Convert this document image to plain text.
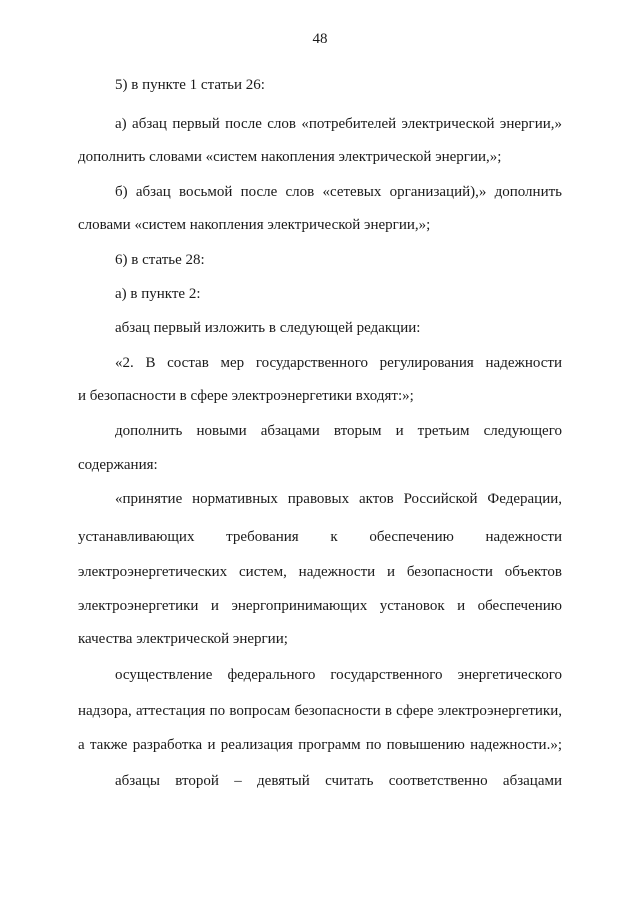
48
5) в пункте 1 статьи 26:
а) абзац первый после слов «потребителей электрической энергии,»
дополнить словами «систем накопления электрической энергии,»;
б) абзац восьмой после слов «сетевых организаций),» дополнить
словами «систем накопления электрической энергии,»;
6) в статье 28:
а) в пункте 2:
абзац первый изложить в следующей редакции:
«2. В состав мер государственного регулирования надежности
и безопасности в сфере электроэнергетики входят:»;
дополнить новыми абзацами вторым и третьим следующего
содержания:
«принятие нормативных правовых актов Российской Федерации,
устанавливающих требования к обеспечению надежности
электроэнергетических систем, надежности и безопасности объектов
электроэнергетики и энергопринимающих установок и обеспечению
качества электрической энергии;
осуществление федерального государственного энергетического
надзора, аттестация по вопросам безопасности в сфере электроэнергетики,
а также разработка и реализация программ по повышению надежности.»;
абзацы второй – девятый считать соответственно абзацами
